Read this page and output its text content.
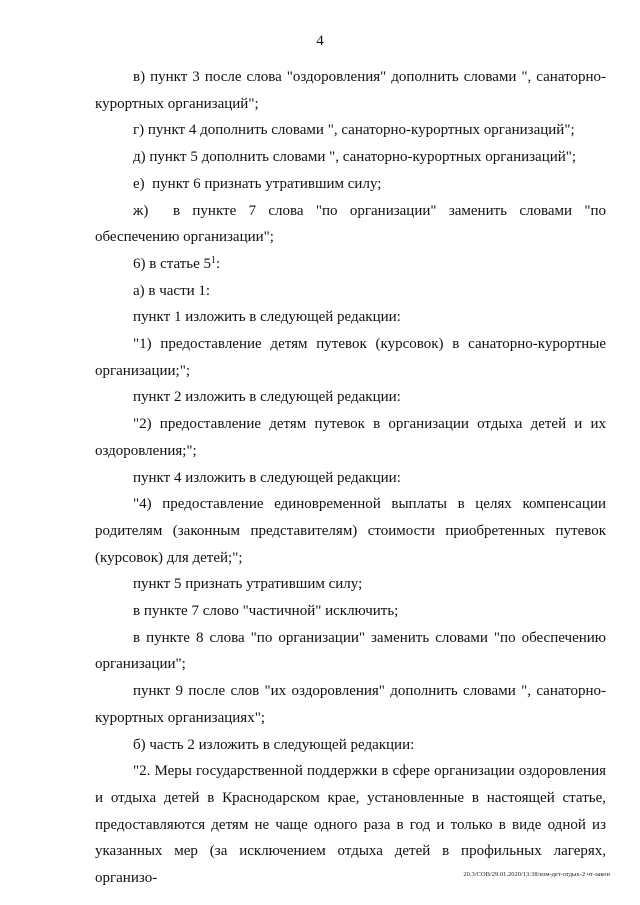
4

в) пункт 3 после слова "оздоровления" дополнить словами ", санаторно-курортных организаций";

г) пункт 4 дополнить словами ", санаторно-курортных организаций";

д) пункт 5 дополнить словами ", санаторно-курортных организаций";

е)  пункт 6 признать утратившим силу;

ж)  в пункте 7 слова "по организации" заменить словами "по обеспечению организации";

6) в статье $5^1$:

а) в части 1:

пункт 1 изложить в следующей редакции:

"1) предоставление детям путевок (курсовок) в санаторно-курортные организации;";

пункт 2 изложить в следующей редакции:

"2) предоставление детям путевок в организации отдыха детей и их оздоровления;";

пункт 4 изложить в следующей редакции:

"4) предоставление единовременной выплаты в целях компенсации родителям (законным представителям) стоимости приобретенных путевок (курсовок) для детей;";

пункт 5 признать утратившим силу;

в пункте 7 слово "частичной" исключить;

в пункте 8 слова "по организации" заменить словами "по обеспечению организации";

пункт 9 после слов "их оздоровления" дополнить словами ", санаторно-курортных организациях";

б) часть 2 изложить в следующей редакции:

"2. Меры государственной поддержки в сфере организации оздоровления и отдыха детей в Краснодарском крае, установленные в настоящей статье, предоставляются детям не чаще одного раза в год и только в виде одной из указанных мер (за исключением отдыха детей в профильных лагерях, организо-	20.3/СОВ/29.01.2020/13:38/изм-дет-отдых-2 чт-закон
